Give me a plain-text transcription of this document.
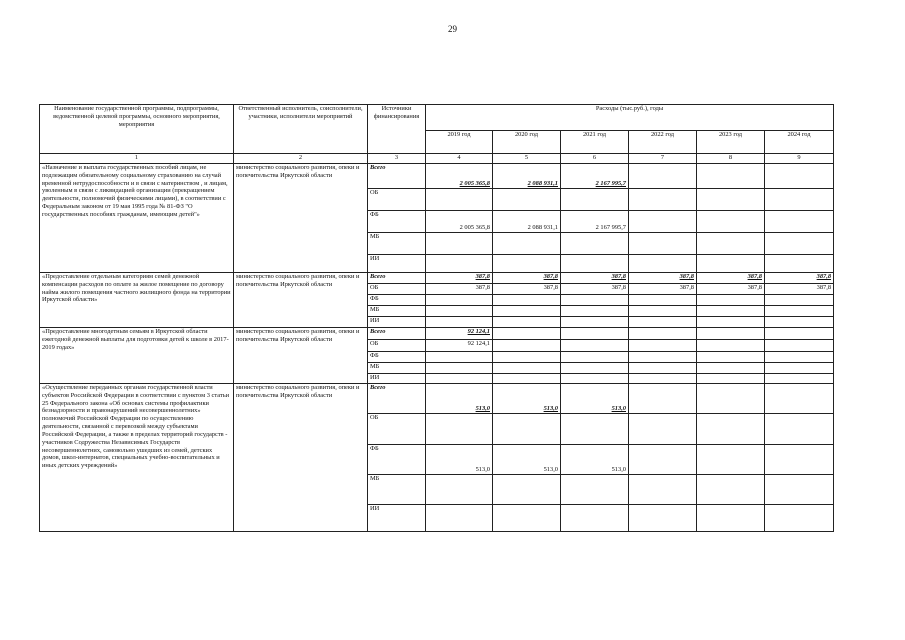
29
Наименование государственной программы, подпрограммы, ведомственной целевой программы, основного мероприятия, мероприятия	Ответственный исполнитель, соисполнители, участники, исполнители мероприятий	Источники финансирования	Расходы (тыс.руб.), годы					
			2019 год	2020 год	2021 год	2022 год	2023 год	2024 год
1	2	3	4	5	6	7	8	9
«Назначение и выплата государственных пособий лицам, не подлежащим обязательному социальному страхованию на случай временной нетрудоспособности и в связи с материнством , и лицам, уволенным в связи с ликвидацией организации (прекращением деятельности, полномочий физическими лицами), в соответствии с Федеральным законом от 19 мая 1995 года № 81-ФЗ "О государственных пособиях гражданам, имеющим детей"»	министерство социального развития, опеки и попечительства Иркутской области	Всего	2 005 365,8	2 088 931,1	2 167 995,7			
		ОБ						
		ФБ	2 005 365,8	2 088 931,1	2 167 995,7			
		МБ						
		ИИ						
«Предоставление отдельным категориям семей денежной компенсации расходов по оплате за жилое помещение по договору найма жилого помещения частного жилищного фонда на территории Иркутской области»	министерство социального развития, опеки и попечительства Иркутской области	Всего	387,8	387,8	387,8	387,8	387,8	387,8
		ОБ	387,8	387,8	387,8	387,8	387,8	387,8
		ФБ						
		МБ						
		ИИ						
«Предоставление многодетным семьям в Иркутской области ежегодной денежной выплаты для подготовки детей к школе в 2017-2019 годах»	министерство социального развития, опеки и попечительства Иркутской области	Всего	92 124,1					
		ОБ	92 124,1					
		ФБ						
		МБ						
		ИИ						
«Осуществление переданных органам государственной власти субъектов Российской Федерации в соответствии с пунктом 3 статьи 25 Федерального закона «Об основах системы профилактики безнадзорности и правонарушений несовершеннолетних» полномочий Российской Федерации по осуществлению деятельности, связанной с перевозкой между субъектами Российской Федерации, а также в пределах территорий государств - участников Содружества Независимых Государств несовершеннолетних, самовольно ушедших из семей, детских домов, школ-интернатов, специальных учебно-воспитательных и иных детских учреждений»	министерство социального развития, опеки и попечительства Иркутской области	Всего	513,0	513,0	513,0			
		ОБ						
		ФБ	513,0	513,0	513,0			
		МБ						
		ИИ						
